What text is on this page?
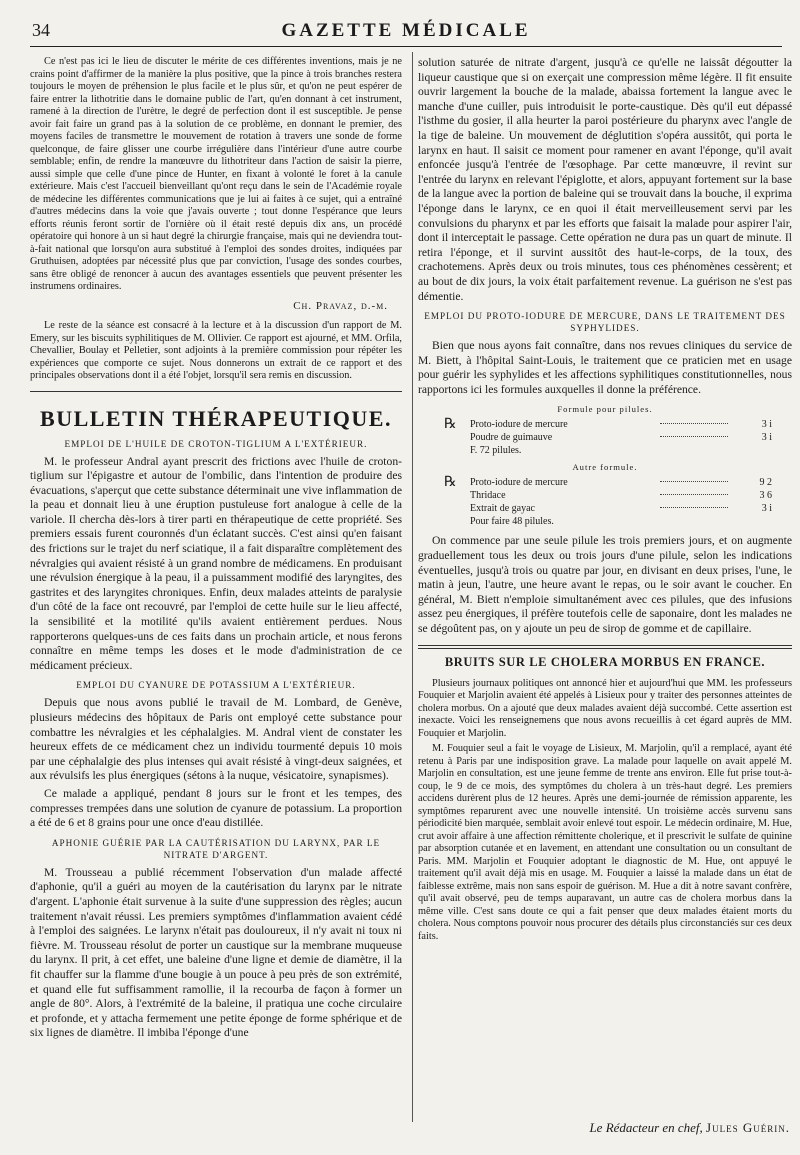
34	GAZETTE MÉDICALE

Ce n'est pas ici le lieu de discuter le mérite de ces différentes inventions, mais je ne crains point d'affirmer de la manière la plus positive, que la pince à trois branches restera toujours le moyen de préhension le plus facile et le plus sûr, et qu'on ne peut espérer de faire entrer la lithotritie dans le domaine public de l'art, qu'en donnant à cet instrument, ramené à la direction de l'urètre, le degré de perfection dont il est susceptible. Je pense avoir fait faire un grand pas à la solution de ce problème, en donnant le premier, des moyens faciles de transmettre le mouvement de rotation à travers une sonde de forme quelconque, de faire glisser une courbe irrégulière dans l'intérieur d'une autre courbe semblable; enfin, de rendre la manœuvre du lithotriteur dans l'action de saisir la pierre, aussi simple que celle d'une pince de Hunter, en fixant à volonté le foret à la canule extérieure. Mais c'est l'accueil bienveillant qu'ont reçu dans le sein de l'Académie royale de médecine les différentes communications que je lui ai faites à ce sujet, qui a entraîné d'autres médecins dans la voie que j'avais ouverte ; tout donne l'espérance que leurs efforts réunis feront sortir de l'ornière où il était resté depuis dix ans, un procédé opératoire qui honore à un si haut degré la chirurgie française, mais qui ne deviendra tout-à-fait national que lorsqu'on aura substitué à l'emploi des sondes droites, indiquées par Gruthuisen, adoptées par nécessité plus que par conviction, l'usage des sondes courbes, sans être obligé de renoncer à aucun des avantages essentiels que peuvent présenter les instrumens ordinaires.

Ch. Pravaz, d.-m.

Le reste de la séance est consacré à la lecture et à la discussion d'un rapport de M. Emery, sur les biscuits syphilitiques de M. Ollivier. Ce rapport est ajourné, et MM. Orfila, Chevallier, Boulay et Pelletier, sont adjoints à la première commission pour répéter les expériences que comporte ce sujet. Nous donnerons un extrait de ce rapport et des principales observations dont il a été l'objet, lorsqu'il sera remis en discussion.

BULLETIN THÉRAPEUTIQUE.
EMPLOI DE L'HUILE DE CROTON-TIGLIUM A L'EXTÉRIEUR.

M. le professeur Andral ayant prescrit des frictions avec l'huile de croton-tiglium sur l'épigastre et autour de l'ombilic, dans l'intention de produire des évacuations, s'aperçut que cette substance déterminait une vive inflammation de la peau et donnait lieu à une éruption pustuleuse fort analogue à celle de la variole. Il chercha dès-lors à tirer parti en thérapeutique de cette propriété. Ses premiers essais furent couronnés d'un éclatant succès. C'est ainsi qu'en faisant des frictions sur le trajet du nerf sciatique, il a fait disparaître complètement des névralgies qui avaient résisté à un grand nombre de médicamens. En produisant une révulsion énergique à la peau, il a puissamment modifié des laryngites, des gastrites et des laryngites chroniques. Enfin, deux malades atteints de paralysie d'un côté de la face ont recouvré, par l'emploi de cette huile sur le lieu affecté, la sensibilité et la motilité qu'ils avaient entièrement perdues. Nous rapporterons quelques-uns de ces faits dans un prochain article, et nous ferons connaître en même temps les doses et le mode d'administration de ce médicament précieux.

EMPLOI DU CYANURE DE POTASSIUM A L'EXTÉRIEUR.

Depuis que nous avons publié le travail de M. Lombard, de Genève, plusieurs médecins des hôpitaux de Paris ont employé cette substance pour combattre les névralgies et les céphalalgies. M. Andral vient de constater les heureux effets de ce médicament chez un individu tourmenté depuis 10 mois par une céphalalgie des plus intenses qui avait résisté à vingt-deux saignées, et aux révulsifs les plus énergiques (sétons à la nuque, vésicatoire, synapismes).

Ce malade a appliqué, pendant 8 jours sur le front et les tempes, des compresses trempées dans une solution de cyanure de potassium. La proportion a été de 6 et 8 grains pour une once d'eau distillée.

APHONIE GUÉRIE PAR LA CAUTÉRISATION DU LARYNX, PAR LE NITRATE D'ARGENT.

M. Trousseau a publié récemment l'observation d'un malade affecté d'aphonie, qu'il a guéri au moyen de la cautérisation du larynx par le nitrate d'argent. L'aphonie était survenue à la suite d'une suppression des règles; aucun traitement n'avait réussi. Les premiers symptômes d'inflammation avaient cédé à l'emploi des saignées. Le larynx n'était pas douloureux, il n'y avait ni toux ni fièvre. M. Trousseau résolut de porter un caustique sur la membrane muqueuse du larynx. Il prit, à cet effet, une baleine d'une ligne et demie de diamètre, il la fit chauffer sur la flamme d'une bougie à un pouce à peu près de son extrémité, et quand elle fut suffisamment ramollie, il la recourba de façon à former un angle de 80°. Alors, à l'extrémité de la baleine, il pratiqua une coche circulaire et profonde, et y attacha fermement une petite éponge de forme sphérique et de six lignes de diamètre. Il imbiba l'éponge d'une

solution saturée de nitrate d'argent, jusqu'à ce qu'elle ne laissât dégoutter la liqueur caustique que si on exerçait une compression même légère. Il fit ensuite ouvrir largement la bouche de la malade, abaissa fortement la langue avec le manche d'une cuiller, puis introduisit le porte-caustique. Dès qu'il eut dépassé l'isthme du gosier, il alla heurter la paroi postérieure du pharynx avec l'angle de la tige de baleine. Un mouvement de déglutition s'opéra aussitôt, qui porta le larynx en haut. Il saisit ce moment pour ramener en avant l'éponge, qu'il avait enfoncée jusqu'à l'entrée de l'œsophage. Par cette manœuvre, il revint sur l'entrée du larynx en relevant l'épiglotte, et alors, appuyant fortement sur la base de la langue avec la portion de baleine qui se trouvait dans la bouche, il exprima l'éponge dans le larynx, ce en quoi il était merveilleusement servi par les convulsions du pharynx et par les efforts que faisait la malade pour aspirer l'air, dont il interceptait le passage. Cette opération ne dura pas un quart de minute. Il retira l'éponge, et il survint aussitôt des haut-le-corps, de la toux, des crachotemens. Après deux ou trois minutes, tous ces phénomènes cessèrent; et au bout de dix jours, la voix était parfaitement revenue. La guérison ne s'est pas démentie.

EMPLOI DU PROTO-IODURE DE MERCURE, DANS LE TRAITEMENT DES SYPHYLIDES.

Bien que nous ayons fait connaître, dans nos revues cliniques du service de M. Biett, à l'hôpital Saint-Louis, le traitement que ce praticien met en usage pour guérir les syphylides et les affections syphilitiques constitutionnelles, nous rapportons ici les formules auxquelles il donne la préférence.

Formule pour pilules.
℞	Proto-iodure de mercure	3 i
Poudre de guimauve	3 i
F. 72 pilules.
Autre formule.
℞	Proto-iodure de mercure	9 2
Thridace	3 6
Extrait de gayac	3 i
Pour faire 48 pilules.

On commence par une seule pilule les trois premiers jours, et on augmente graduellement tous les deux ou trois jours d'une pilule, selon les indications éventuelles, jusqu'à trois ou quatre par jour, en divisant en deux prises, l'une, le matin à jeun, l'autre, une heure avant le repas, ou le soir avant le coucher. En général, M. Biett n'emploie simultanément avec ces pilules, que des infusions assez peu énergiques, il préfère toutefois celle de saponaire, dont les malades ne se dégoûtent pas, on y ajoute un peu de sirop de gomme et de capillaire.

BRUITS SUR LE CHOLERA MORBUS EN FRANCE.

Plusieurs journaux politiques ont annoncé hier et aujourd'hui que MM. les professeurs Fouquier et Marjolin avaient été appelés à Lisieux pour y traiter des personnes atteintes de cholera morbus. On a ajouté que deux malades avaient déjà succombé. Cette assertion est inexacte. Voici les renseignemens que nous avons recueillis à cet égard auprès de MM. Fouquier et Marjolin.

M. Fouquier seul a fait le voyage de Lisieux, M. Marjolin, qu'il a remplacé, ayant été retenu à Paris par une indisposition grave. La malade pour laquelle on avait appelé M. Marjolin en consultation, est une jeune femme de trente ans environ. Elle fut prise tout-à-coup, le 9 de ce mois, des symptômes du cholera à un très-haut degré. Les premiers accidens durèrent plus de 12 heures. Après une demi-journée de rémission apparente, les symptômes reparurent avec une nouvelle intensité. Un troisième accès survenu sans périodicité bien marquée, semblait avoir enlevé tout espoir. Le médecin ordinaire, M. Hue, crut avoir affaire à une affection rémittente cholerique, et il prescrivit le sulfate de quinine par absorption cutanée et en lavement, en attendant une consultation ou un consultant de Paris. MM. Marjolin et Fouquier adoptant le diagnostic de M. Hue, ont appuyé le traitement qu'il avait déjà mis en usage. M. Fouquier a laissé la malade dans un état de faiblesse extrême, mais non sans espoir de guérison. M. Hue a dit à notre savant confrère, qu'il avait observé, peu de temps auparavant, un autre cas de cholera morbus dans la même ville. C'est sans doute ce qui a fait penser que deux malades étaient morts du cholera. Nous comptons pouvoir nous procurer des détails plus circonstanciés sur ces deux faits.

Le Rédacteur en chef, Jules Guérin.
